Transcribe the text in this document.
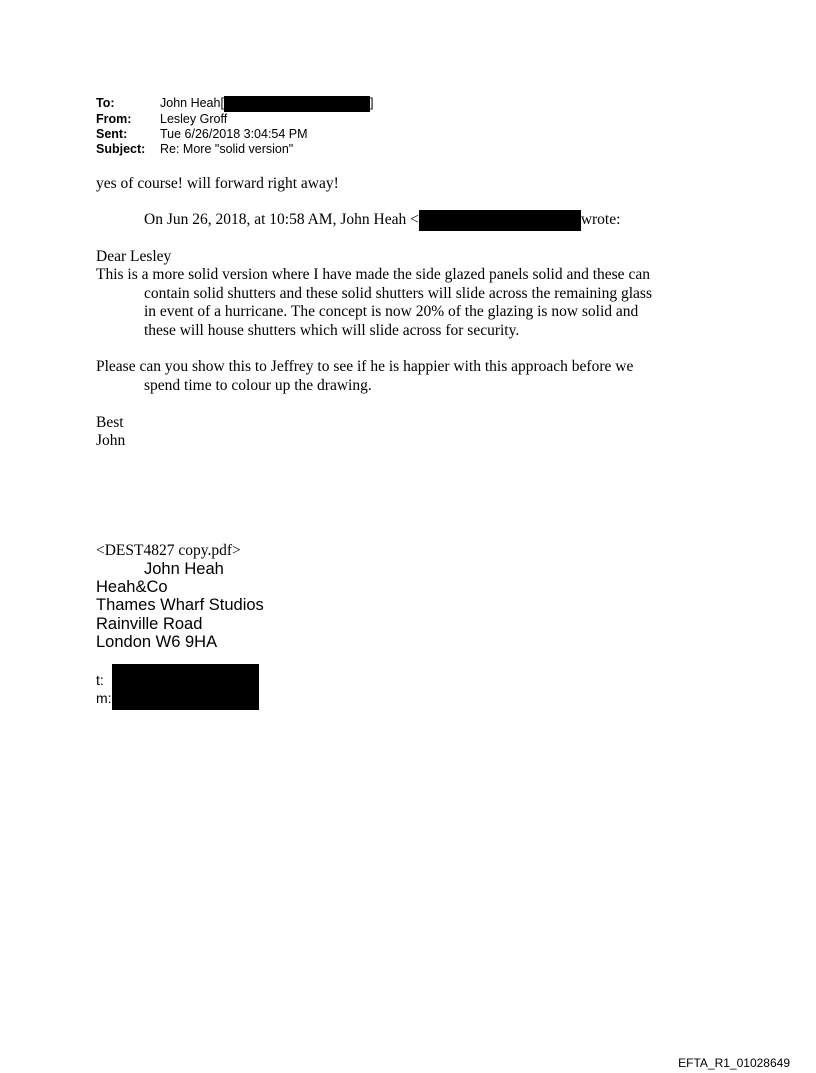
To:	John Heah[	]
From:	Lesley Groff
Sent:	Tue 6/26/2018 3:04:54 PM
Subject:	Re: More "solid version"
yes of course! will forward right away!
On Jun 26, 2018, at 10:58 AM, John Heah <	wrote:
Dear Lesley
This is a more solid version where I have made the side glazed panels solid and these can
contain solid shutters and these solid shutters will slide across the remaining glass
in event of a hurricane. The concept is now 20% of the glazing is now solid and
these will house shutters which will slide across for security.
Please can you show this to Jeffrey to see if he is happier with this approach before we
spend time to colour up the drawing.
Best
John
<DEST4827 copy.pdf>
John Heah
Heah&Co
Thames Wharf Studios
Rainville Road
London W6 9HA
t:
m:
EFTA_R1_01028649
